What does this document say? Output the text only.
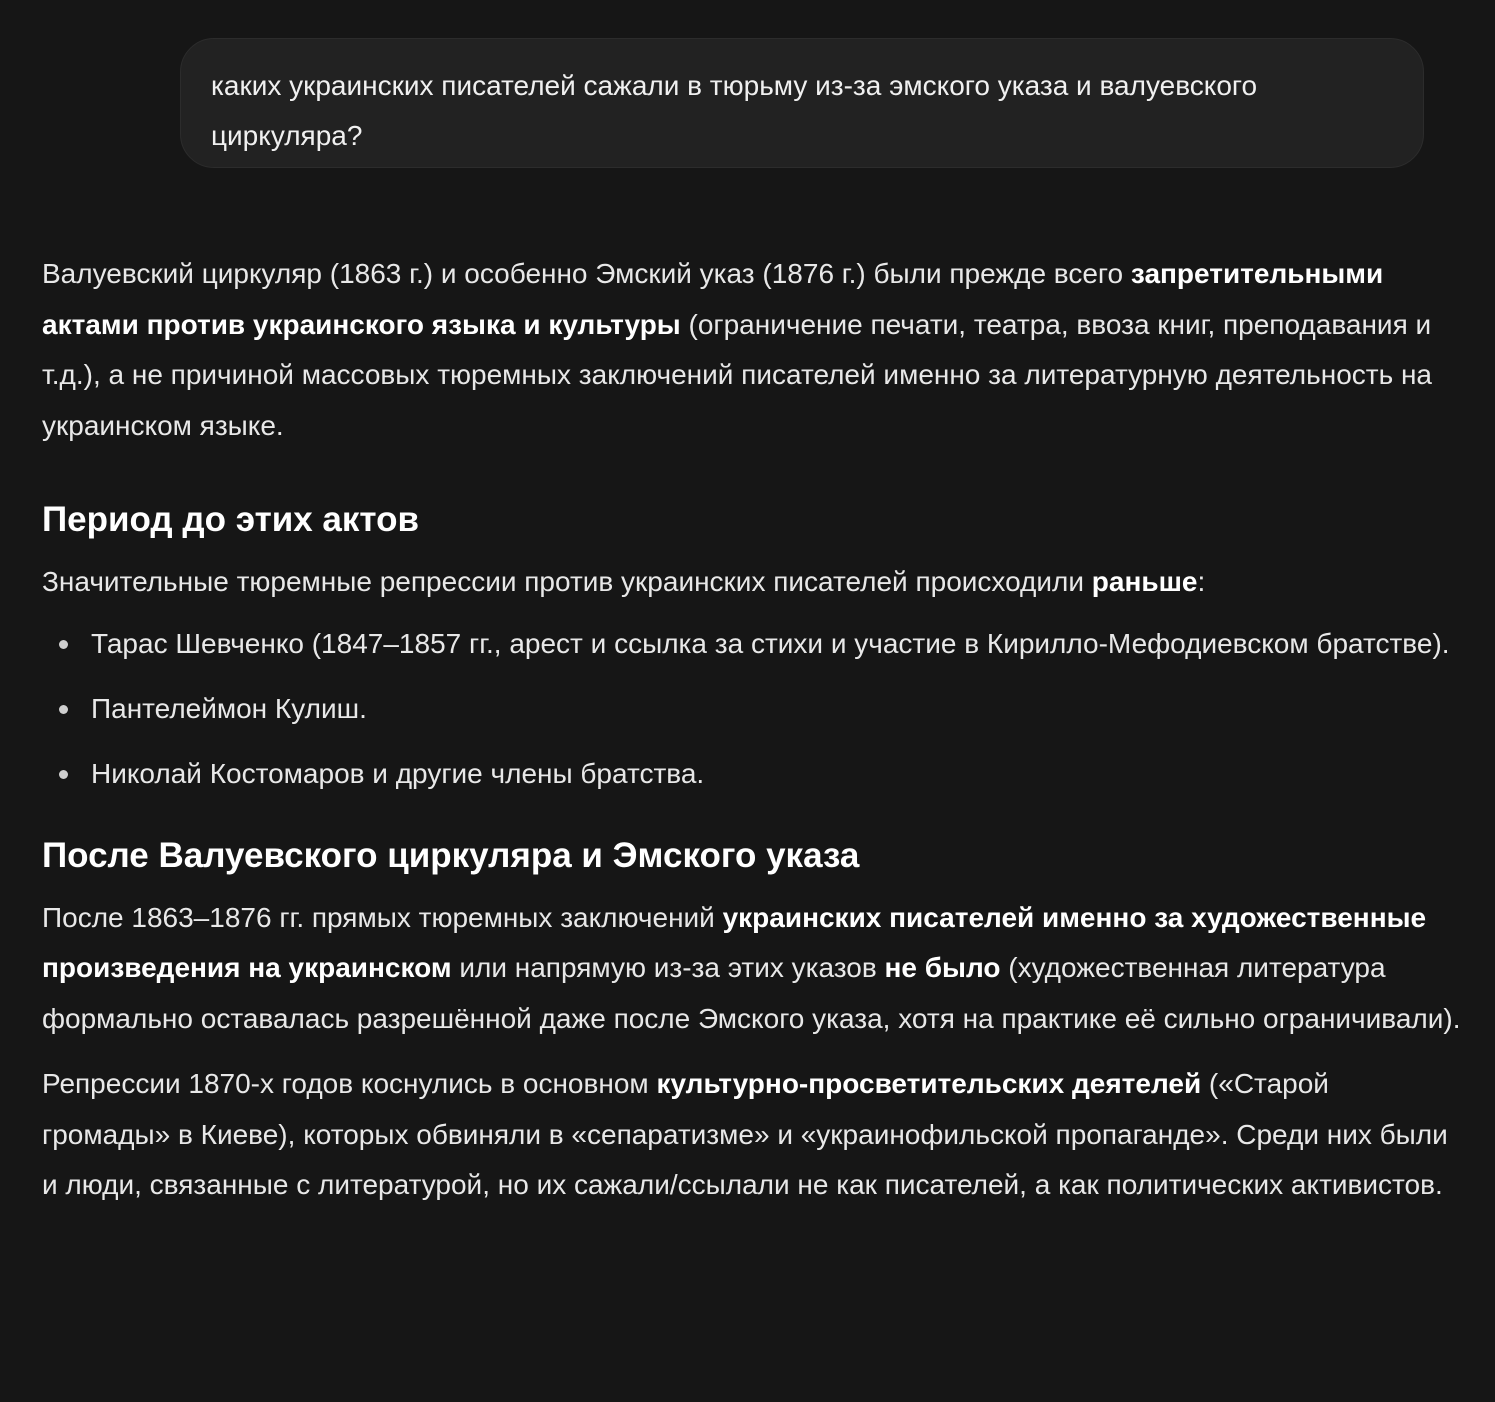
каких украинских писателей сажали в тюрьму из-за эмского указа и валуевского
циркуляра?

Валуевский циркуляр (1863 г.) и особенно Эмский указ (1876 г.) были прежде всего запретительными актами против украинского языка и культуры (ограничение печати, театра, ввоза книг, преподавания и т.д.), а не причиной массовых тюремных заключений писателей именно за литературную деятельность на украинском языке.

Период до этих актов

Значительные тюремные репрессии против украинских писателей происходили раньше:

Тарас Шевченко (1847–1857 гг., арест и ссылка за стихи и участие в Кирилло-Мефодиевском братстве).
Пантелеймон Кулиш.
Николай Костомаров и другие члены братства.
После Валуевского циркуляра и Эмского указа

После 1863–1876 гг. прямых тюремных заключений украинских писателей именно за художественные произведения на украинском или напрямую из-за этих указов не было (художественная литература формально оставалась разрешённой даже после Эмского указа, хотя на практике её сильно ограничивали).

Репрессии 1870-х годов коснулись в основном культурно-просветительских деятелей («Старой громады» в Киеве), которых обвиняли в «сепаратизме» и «украинофильской пропаганде». Среди них были и люди, связанные с литературой, но их сажали/ссылали не как писателей, а как политических активистов.
